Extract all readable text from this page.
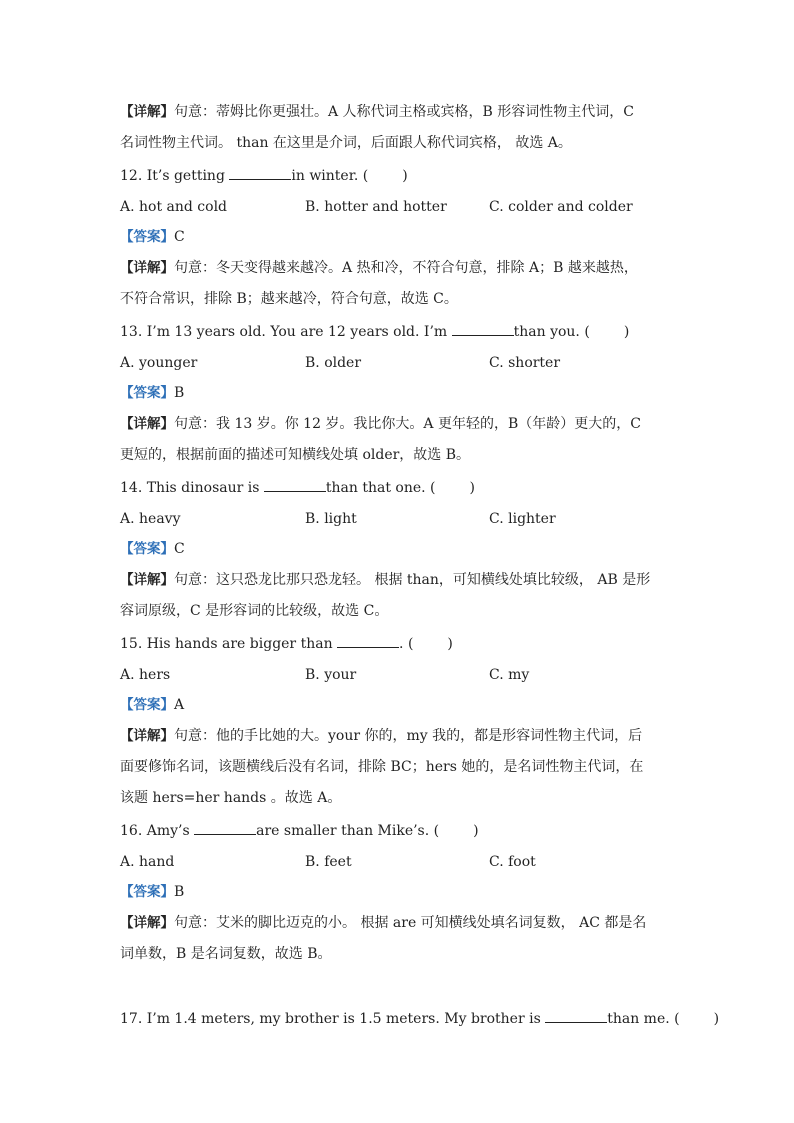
【详解】句意：蒂姆比你更强壮。A 人称代词主格或宾格，B 形容词性物主代词，C
名词性物主代词。 than 在这里是介词，后面跟人称代词宾格， 故选 A。
12. It’s getting	in winter. ( )
A. hot and cold	B. hotter and hotter	C. colder and colder
【答案】C
【详解】句意：冬天变得越来越冷。A 热和冷，不符合句意，排除 A；B 越来越热，
不符合常识，排除 B；越来越冷，符合句意，故选 C。
13. I’m 13 years old. You are 12 years old. I’m	than you. ( )
A. younger	B. older	C. shorter
【答案】B
【详解】句意：我 13 岁。你 12 岁。我比你大。A 更年轻的，B（年龄）更大的，C
更短的，根据前面的描述可知横线处填 older，故选 B。
14. This dinosaur is	than that one. ( )
A. heavy	B. light	C. lighter
【答案】C
【详解】句意：这只恐龙比那只恐龙轻。 根据 than，可知横线处填比较级， AB 是形
容词原级，C 是形容词的比较级，故选 C。
15. His hands are bigger than	. ( )
A. hers	B. your	C. my
【答案】A
【详解】句意：他的手比她的大。your 你的，my 我的，都是形容词性物主代词，后
面要修饰名词，该题横线后没有名词，排除 BC；hers 她的，是名词性物主代词，在
该题 hers=her hands 。故选 A。
16. Amy’s	are smaller than Mike’s. ( )
A. hand	B. feet	C. foot
【答案】B
【详解】句意：艾米的脚比迈克的小。 根据 are 可知横线处填名词复数， AC 都是名
词单数，B 是名词复数，故选 B。
17. I’m 1.4 meters, my brother is 1.5 meters. My brother is	than me. ( )
